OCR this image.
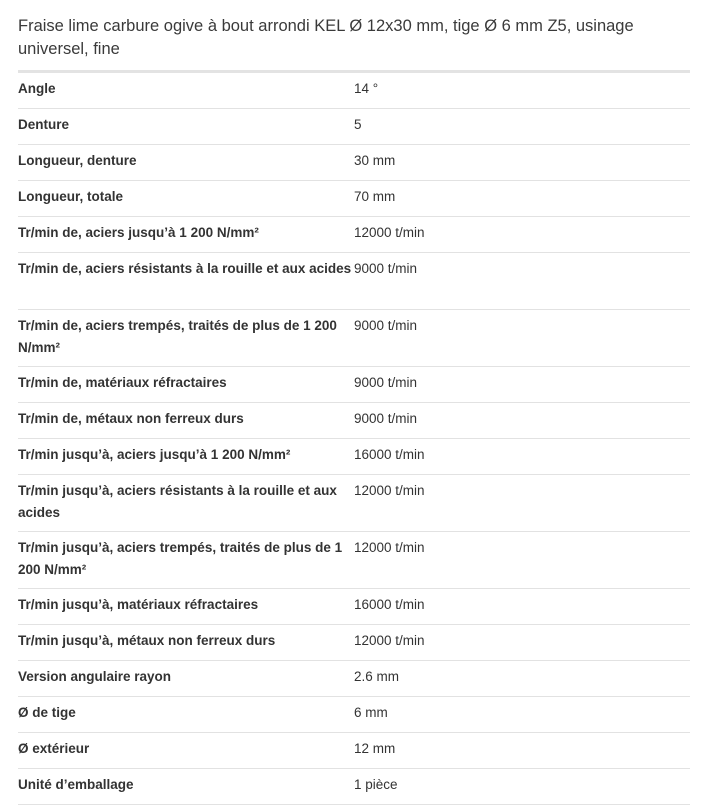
Fraise lime carbure ogive à bout arrondi KEL Ø 12x30 mm, tige Ø 6 mm Z5, usinage universel, fine
Angle	14 °
Denture	5
Longueur, denture	30 mm
Longueur, totale	70 mm
Tr/min de, aciers jusqu’à 1 200 N/mm²	12000 t/min
Tr/min de, aciers résistants à la rouille et aux acides	9000 t/min
Tr/min de, aciers trempés, traités de plus de 1 200 N/mm²	9000 t/min
Tr/min de, matériaux réfractaires	9000 t/min
Tr/min de, métaux non ferreux durs	9000 t/min
Tr/min jusqu’à, aciers jusqu’à 1 200 N/mm²	16000 t/min
Tr/min jusqu’à, aciers résistants à la rouille et aux acides	12000 t/min
Tr/min jusqu’à, aciers trempés, traités de plus de 1 200 N/mm²	12000 t/min
Tr/min jusqu’à, matériaux réfractaires	16000 t/min
Tr/min jusqu’à, métaux non ferreux durs	12000 t/min
Version angulaire rayon	2.6 mm
Ø de tige	6 mm
Ø extérieur	12 mm
Unité d’emballage	1 pièce
